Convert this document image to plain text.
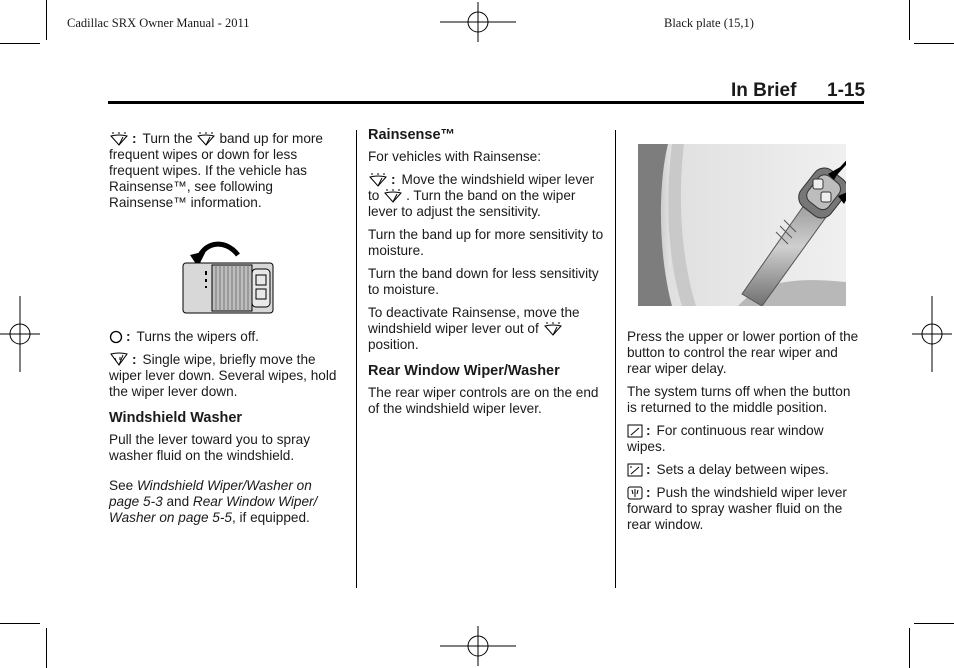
Cadillac SRX Owner Manual - 2011	Black plate (15,1)
In Brief 1-15

: Turn the band up for more frequent wipes or down for less frequent wipes. If the vehicle has Rainsense™, see following Rainsense™ information.

: Turns the wipers off.

: Single wipe, briefly move the wiper lever down. Several wipes, hold the wiper lever down.

Windshield Washer

Pull the lever toward you to spray washer fluid on the windshield.

See Windshield Wiper/Washer on page 5-3 and Rear Window Wiper/ Washer on page 5-5, if equipped.

Rainsense™

For vehicles with Rainsense:

: Move the windshield wiper lever to . Turn the band on the wiper lever to adjust the sensitivity.

Turn the band up for more sensitivity to moisture.

Turn the band down for less sensitivity to moisture.

To deactivate Rainsense, move the windshield wiper lever out of
position.

Rear Window Wiper/Washer

The rear wiper controls are on the end of the windshield wiper lever.

Press the upper or lower portion of the button to control the rear wiper and rear wiper delay.

The system turns off when the button is returned to the middle position.

: For continuous rear window wipes.

: Sets a delay between wipes.

: Push the windshield wiper lever forward to spray washer fluid on the rear window.
